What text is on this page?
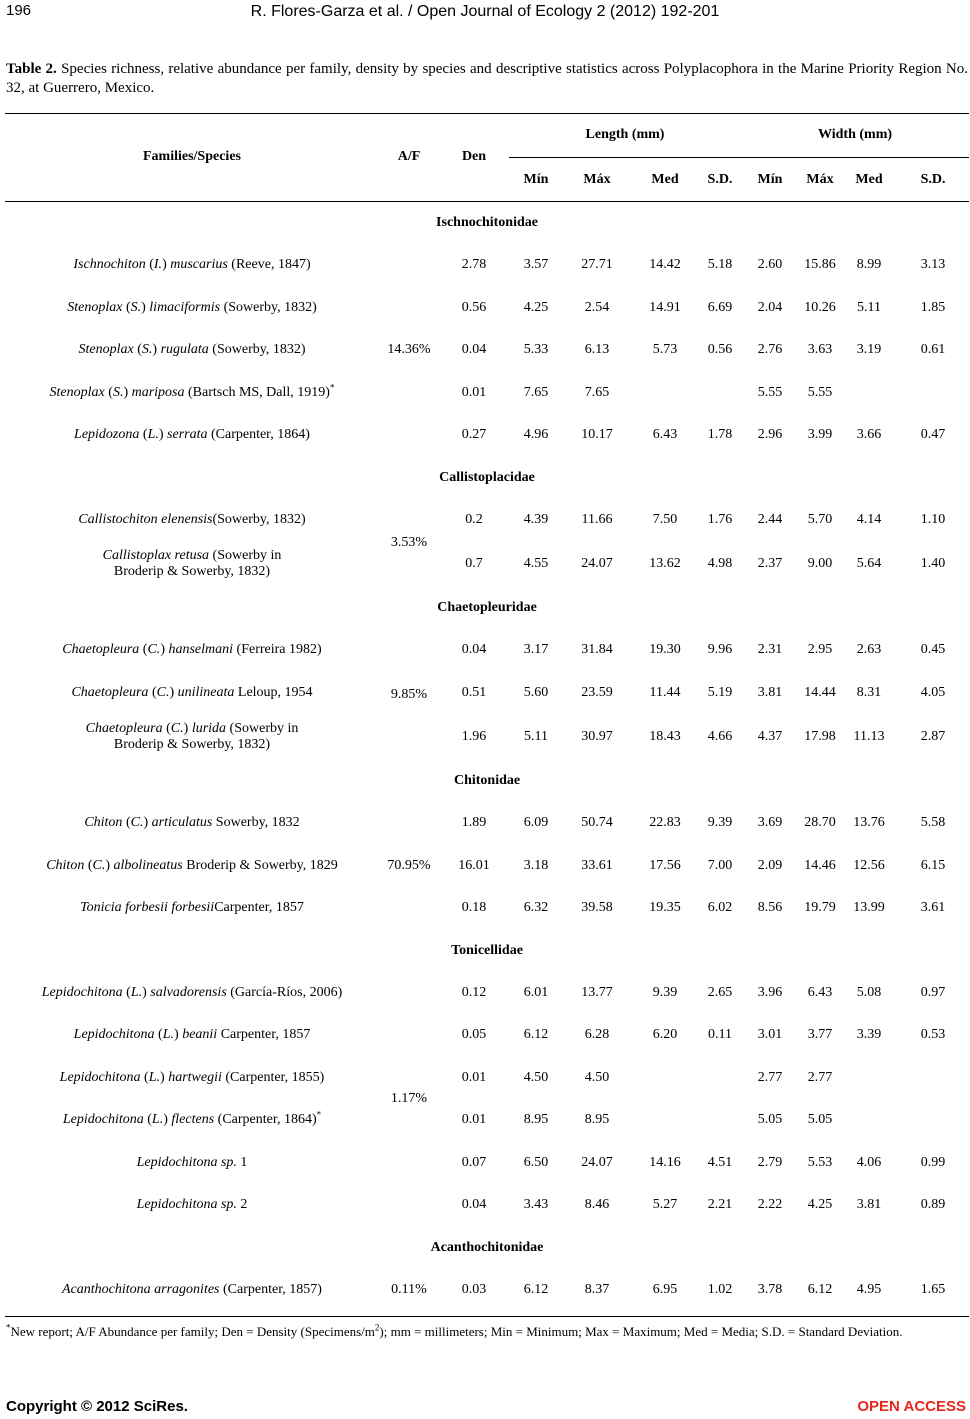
196	R. Flores-Garza et al. / Open Journal of Ecology 2 (2012) 192-201
Table 2. Species richness, relative abundance per family, density by species and descriptive statistics across Polyplacophora in the Marine Priority Region No. 32, at Guerrero, Mexico.
Families/Species	A/F	Den	Length (mm)				Width (mm)			
			Mín	Máx	Med	S.D.	Mín	Máx	Med	S.D.
Ischnochitonidae										
Ischnochiton (I.) muscarius (Reeve, 1847)	14.36%	2.78	3.57	27.71	14.42	5.18	2.60	15.86	8.99	3.13
Stenoplax (S.) limaciformis (Sowerby, 1832)		0.56	4.25	2.54	14.91	6.69	2.04	10.26	5.11	1.85
Stenoplax (S.) rugulata (Sowerby, 1832)		0.04	5.33	6.13	5.73	0.56	2.76	3.63	3.19	0.61
Stenoplax (S.) mariposa (Bartsch MS, Dall, 1919)*		0.01	7.65	7.65			5.55	5.55		
Lepidozona (L.) serrata (Carpenter, 1864)		0.27	4.96	10.17	6.43	1.78	2.96	3.99	3.66	0.47
Callistoplacidae										
Callistochiton elenensis(Sowerby, 1832)	3.53%	0.2	4.39	11.66	7.50	1.76	2.44	5.70	4.14	1.10
Callistoplax retusa (Sowerby in
Broderip & Sowerby, 1832)		0.7	4.55	24.07	13.62	4.98	2.37	9.00	5.64	1.40
Chaetopleuridae										
Chaetopleura (C.) hanselmani (Ferreira 1982)	9.85%	0.04	3.17	31.84	19.30	9.96	2.31	2.95	2.63	0.45
Chaetopleura (C.) unilineata Leloup, 1954		0.51	5.60	23.59	11.44	5.19	3.81	14.44	8.31	4.05
Chaetopleura (C.) lurida (Sowerby in
Broderip & Sowerby, 1832)		1.96	5.11	30.97	18.43	4.66	4.37	17.98	11.13	2.87
Chitonidae										
Chiton (C.) articulatus Sowerby, 1832	70.95%	1.89	6.09	50.74	22.83	9.39	3.69	28.70	13.76	5.58
Chiton (C.) albolineatus Broderip & Sowerby, 1829		16.01	3.18	33.61	17.56	7.00	2.09	14.46	12.56	6.15
Tonicia forbesii forbesiiCarpenter, 1857		0.18	6.32	39.58	19.35	6.02	8.56	19.79	13.99	3.61
Tonicellidae										
Lepidochitona (L.) salvadorensis (García-Ríos, 2006)	1.17%	0.12	6.01	13.77	9.39	2.65	3.96	6.43	5.08	0.97
Lepidochitona (L.) beanii Carpenter, 1857		0.05	6.12	6.28	6.20	0.11	3.01	3.77	3.39	0.53
Lepidochitona (L.) hartwegii (Carpenter, 1855)		0.01	4.50	4.50			2.77	2.77		
Lepidochitona (L.) flectens (Carpenter, 1864)*		0.01	8.95	8.95			5.05	5.05		
Lepidochitona sp. 1		0.07	6.50	24.07	14.16	4.51	2.79	5.53	4.06	0.99
Lepidochitona sp. 2		0.04	3.43	8.46	5.27	2.21	2.22	4.25	3.81	0.89
Acanthochitonidae										
Acanthochitona arragonites (Carpenter, 1857)	0.11%	0.03	6.12	8.37	6.95	1.02	3.78	6.12	4.95	1.65
*New report; A/F Abundance per family; Den = Density $(Specimens/m^2)$; mm = millimeters; Min = Minimum; Max = Maximum; Med = Media; S.D. = Standard Deviation.
Copyright © 2012 SciRes.	OPEN ACCESS
